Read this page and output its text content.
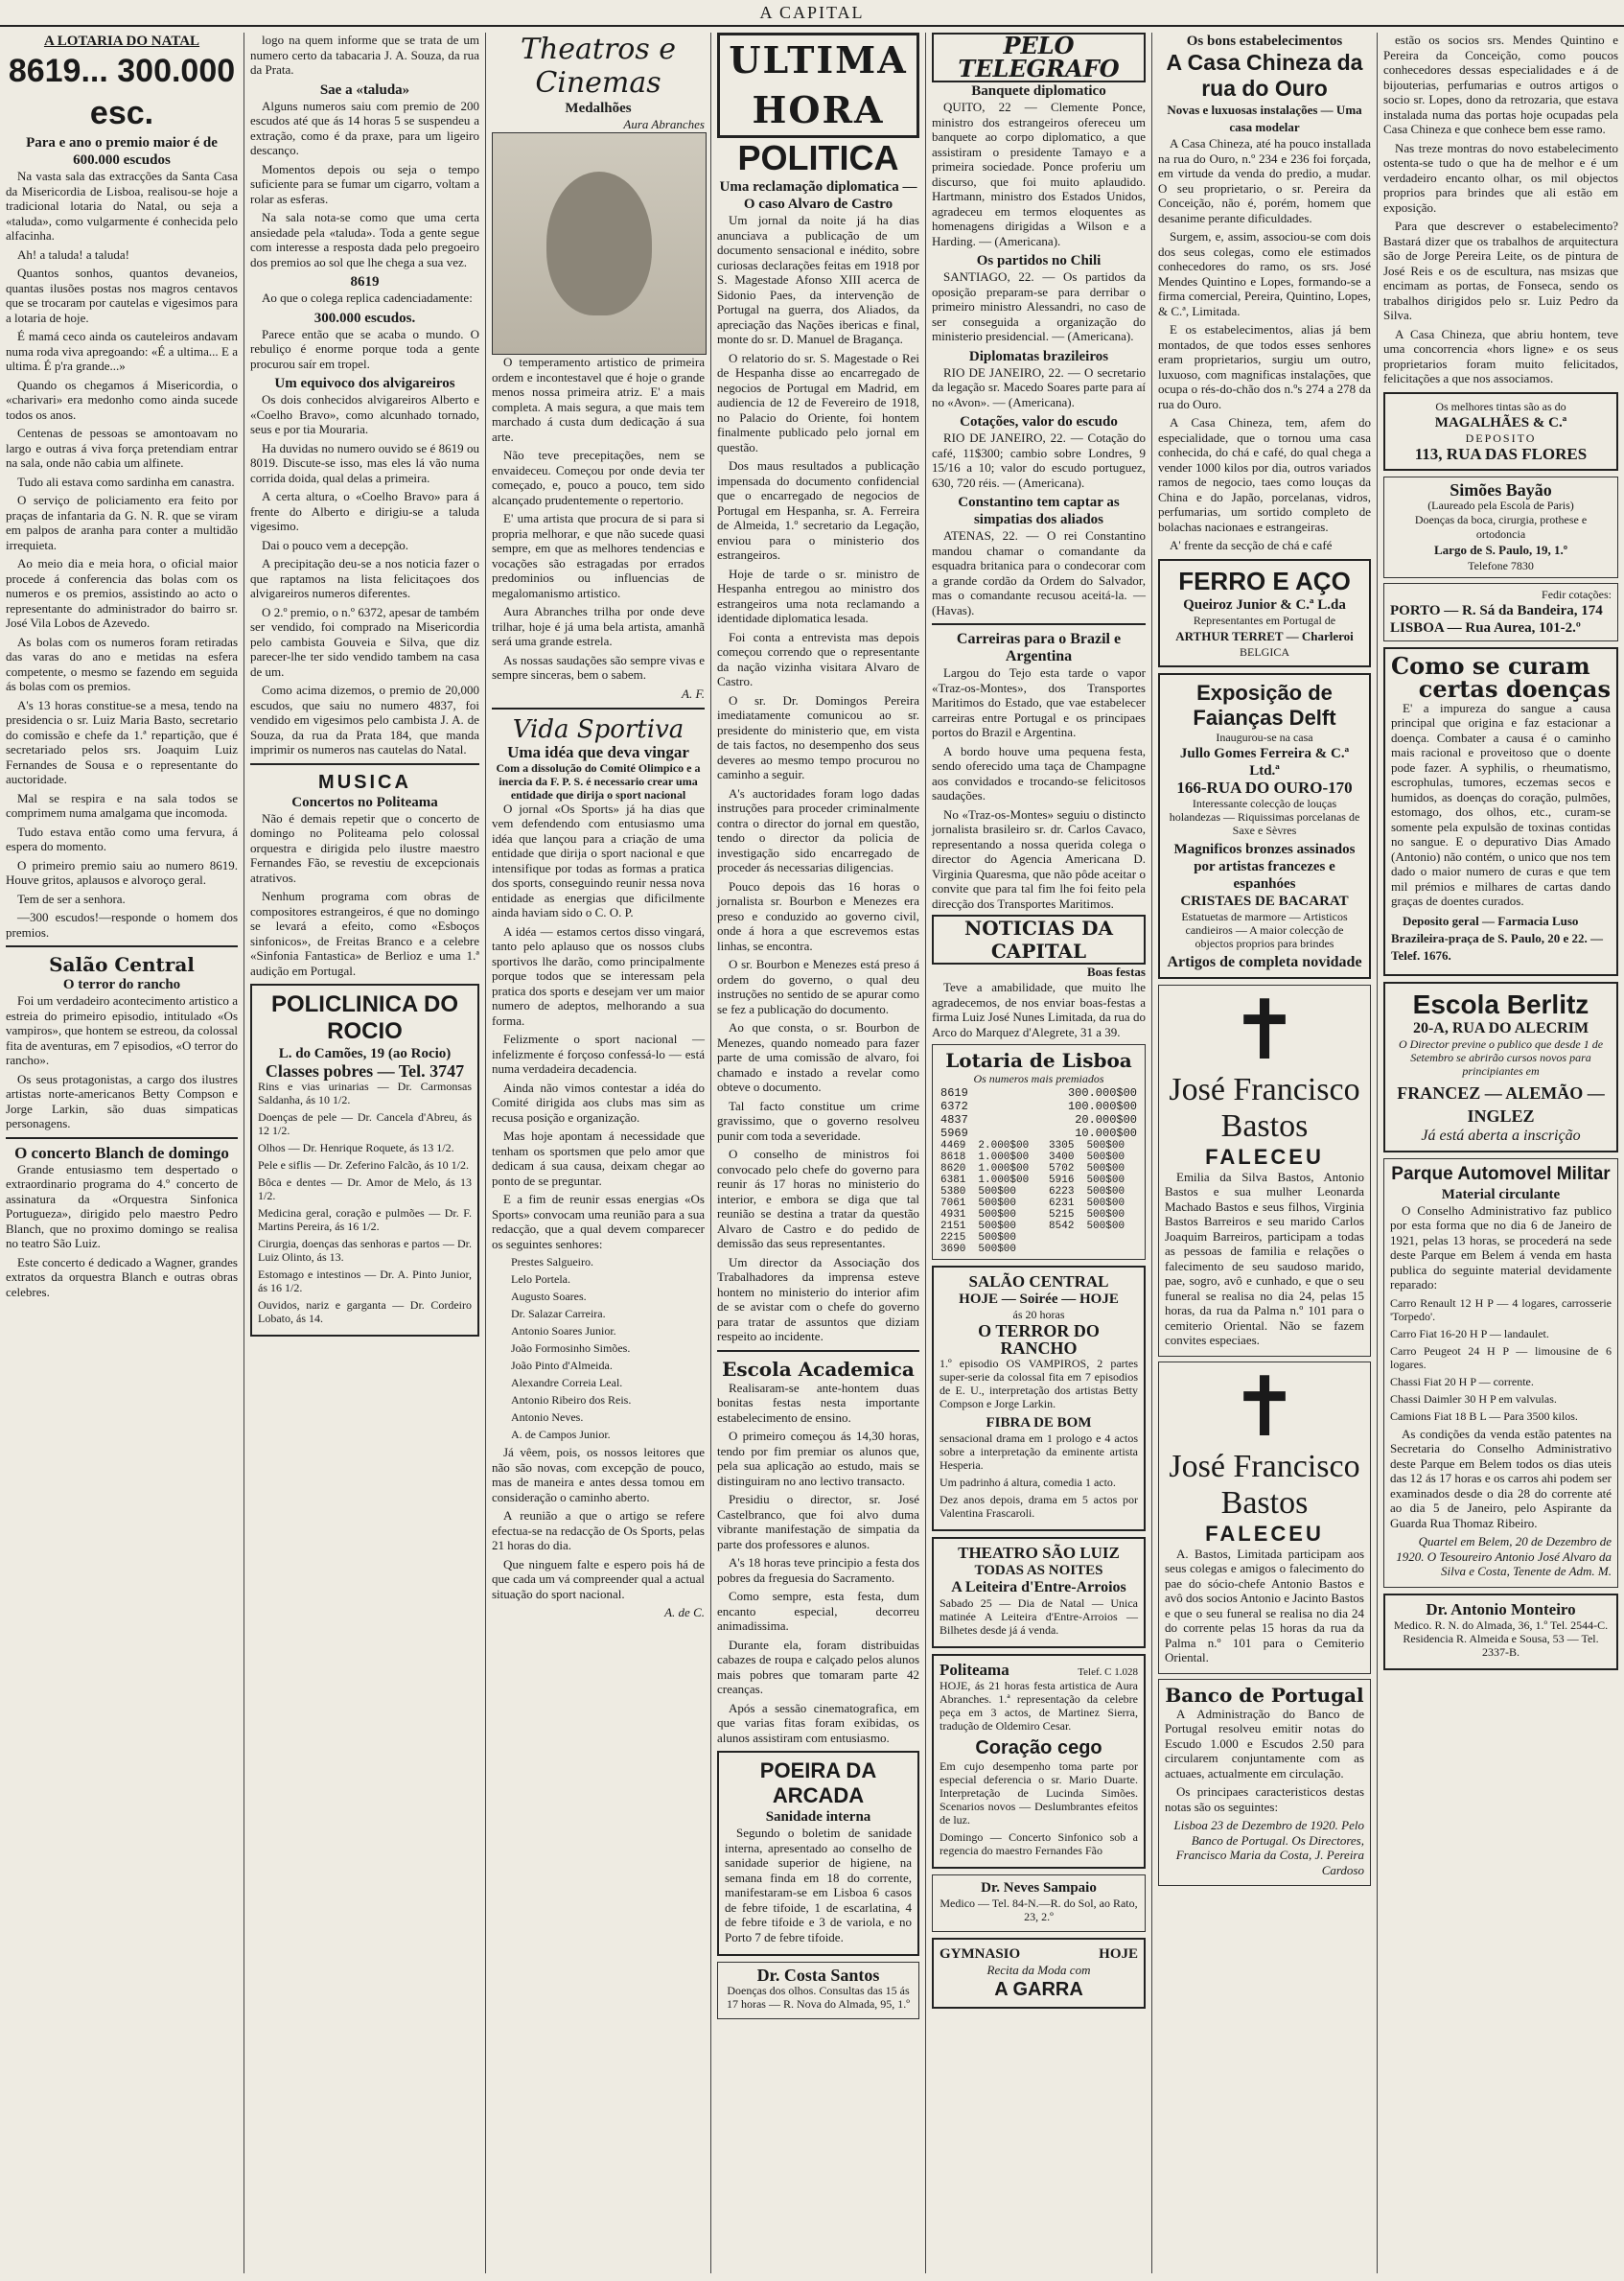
A CAPITAL
A LOTARIA DO NATAL
8619... 300.000 esc.
Para e ano o premio maior é de 600.000 escudos

Na vasta sala das extracções da Santa Casa da Misericordia de Lisboa, realisou-se hoje a tradicional lotaria do Natal, ou seja a «taluda», como vulgarmente é conhecida pelo alfacinha.

Ah! a taluda! a taluda!

Quantos sonhos, quantos devaneios, quantas ilusões postas nos magros centavos que se trocaram por cautelas e vigesimos para a lotaria de hoje.

É mamá ceco ainda os cauteleiros andavam numa roda viva apregoando: «É a ultima... E a ultima. É p'ra grande...»

Quando os chegamos á Misericordia, o «charivari» era medonho como ainda sucede todos os anos.

Centenas de pessoas se amontoavam no largo e outras á viva força pretendiam entrar na sala, onde não cabia um alfinete.

Tudo ali estava como sardinha em canastra.

O serviço de policiamento era feito por praças de infantaria da G. N. R. que se viram em palpos de aranha para conter a multidão irrequieta.

Ao meio dia e meia hora, o oficial maior procede á conferencia das bolas com os numeros e os premios, assistindo ao acto o representante do administrador do bairro sr. José Vila Lobos de Azevedo.

As bolas com os numeros foram retiradas das varas do ano e metidas na esfera competente, o mesmo se fazendo em seguida ás bolas com os premios.

A's 13 horas constitue-se a mesa, tendo na presidencia o sr. Luiz Maria Basto, secretario do comissão e chefe da 1.ª repartição, que é secretariado pelos srs. Joaquim Luiz Fernandes de Sousa e o representante do auctoridade.

Mal se respira e na sala todos se comprimem numa amalgama que incomoda.

Tudo estava então como uma fervura, á espera do momento.

O primeiro premio saiu ao numero 8619. Houve gritos, aplausos e alvoroço geral.

Tem de ser a senhora.

—300 escudos!—responde o homem dos premios.

Salão Central
O terror do rancho

Foi um verdadeiro acontecimento artistico a estreia do primeiro episodio, intitulado «Os vampiros», que hontem se estreou, da colossal fita de aventuras, em 7 episodios, «O terror do rancho».

Os seus protagonistas, a cargo dos ilustres artistas norte-americanos Betty Compson e Jorge Larkin, são duas simpaticas personagens.

O concerto Blanch de domingo

Grande entusiasmo tem despertado o extraordinario programa do 4.º concerto de assinatura da «Orquestra Sinfonica Portugueza», dirigido pelo maestro Pedro Blanch, que no proximo domingo se realisa no teatro São Luiz.

Este concerto é dedicado a Wagner, grandes extratos da orquestra Blanch e outras obras celebres.

logo na quem informe que se trata de um numero certo da tabacaria J. A. Souza, da rua da Prata.

Sae a «taluda»

Alguns numeros saiu com premio de 200 escudos até que ás 14 horas 5 se suspendeu a extração, como é da praxe, para um ligeiro descanço.

Momentos depois ou seja o tempo suficiente para se fumar um cigarro, voltam a rolar as esferas.

Na sala nota-se como que uma certa ansiedade pela «taluda». Toda a gente segue com interesse a resposta dada pelo pregoeiro dos premios ao sol que lhe chega a sua vez.

8619

Ao que o colega replica cadenciadamente:

300.000 escudos.

Parece então que se acaba o mundo. O rebuliço é enorme porque toda a gente procurou saír em tropel.

Um equivoco dos alvigareiros

Os dois conhecidos alvigareiros Alberto e «Coelho Bravo», como alcunhado tornado, seus e por tia Mouraria.

Ha duvidas no numero ouvido se é 8619 ou 8019. Discute-se isso, mas eles lá vão numa corrida doida, qual delas a primeira.

A certa altura, o «Coelho Bravo» para á frente do Alberto e dirigiu-se a taluda vigesimo.

Dai o pouco vem a decepção.

A precipitação deu-se a nos noticia fazer o que raptamos na lista felicitaçoes dos alvigareiros numeros diferentes.

O 2.º premio, o n.º 6372, apesar de também ser vendido, foi comprado na Misericordia pelo cambista Gouveia e Silva, que diz parecer-lhe ter sido vendido tambem na casa de um.

Como acima dizemos, o premio de 20,000 escudos, que saiu no numero 4837, foi vendido em vigesimos pelo cambista J. A. de Souza, da rua da Prata 184, que manda imprimir os numeros nas cautelas do Natal.

MUSICA
Concertos no Politeama

Não é demais repetir que o concerto de domingo no Politeama pelo colossal orquestra e dirigida pelo ilustre maestro Fernandes Fão, se revestiu de excepcionais atrativos.

Nenhum programa com obras de compositores estrangeiros, é que no domingo se levará a efeito, como «Esboços sinfonicos», de Freitas Branco e a celebre «Sinfonia Fantastica» de Berlioz e uma 1.ª audição em Portugal.

POLICLINICA DO ROCIO
L. do Camões, 19 (ao Rocio)
Classes pobres — Tel. 3747

Rins e vias urinarias — Dr. Carmonsas Saldanha, ás 10 1/2.

Doenças de pele — Dr. Cancela d'Abreu, ás 12 1/2.

Olhos — Dr. Henrique Roquete, ás 13 1/2.

Pele e siflis — Dr. Zeferino Falcão, ás 10 1/2.

Bôca e dentes — Dr. Amor de Melo, ás 13 1/2.

Medicina geral, coração e pulmões — Dr. F. Martins Pereira, ás 16 1/2.

Cirurgia, doenças das senhoras e partos — Dr. Luiz Olinto, ás 13.

Estomago e intestinos — Dr. A. Pinto Junior, ás 16 1/2.

Ouvidos, nariz e garganta — Dr. Cordeiro Lobato, ás 14.

Theatros e Cinemas
Medalhões
Aura Abranches

O temperamento artistico de primeira ordem e incontestavel que é hoje o grande menos nossa primeira atriz. E' a mais completa. A mais segura, a que mais tem marchado á custa dum dedicação á sua arte.

Não teve precepitações, nem se envaideceu. Começou por onde devia ter começado, e, pouco a pouco, tem sido alcançado prudentemente o repertorio.

E' uma artista que procura de si para si propria melhorar, e que não sucede quasi sempre, em que as melhores tendencias e vocações são estragadas por errados predominios ou influencias de megalomanismo artistico.

Aura Abranches trilha por onde deve trilhar, hoje é já uma bela artista, amanhã será uma grande estrela.

As nossas saudações são sempre vivas e sempre sinceras, bem o sabem.

A. F.
Vida Sportiva
Uma idéa que deva vingar
Com a dissolução do Comité Olimpico e a inercia da F. P. S. é necessario crear uma entidade que dirija o sport nacional

O jornal «Os Sports» já ha dias que vem defendendo com entusiasmo uma idéa que lançou para a criação de uma entidade que dirija o sport nacional e que intensifique por todas as formas a pratica dos sports, conseguindo reunir nessa nova entidade as energias que dificilmente ainda haviam sido o C. O. P.

A idéa — estamos certos disso vingará, tanto pelo aplauso que os nossos clubs sportivos lhe darão, como principalmente porque todos que se interessam pela pratica dos sports e desejam ver um maior numero de adeptos, melhorando a sua forma.

Felizmente o sport nacional — infelizmente é forçoso confessá-lo — está numa verdadeira decadencia.

Ainda não vimos contestar a idéa do Comité dirigida aos clubs mas sim as recusa posição e organização.

Mas hoje apontam á necessidade que tenham os sportsmen que pelo amor que dedicam á sua causa, deixam chegar ao ponto de se preguntar.

E a fim de reunir essas energias «Os Sports» convocam uma reunião para a sua redacção, que a qual devem comparecer os seguintes senhores:

Prestes Salgueiro.

Lelo Portela.

Augusto Soares.

Dr. Salazar Carreira.

Antonio Soares Junior.

João Formosinho Simões.

João Pinto d'Almeida.

Alexandre Correia Leal.

Antonio Ribeiro dos Reis.

Antonio Neves.

A. de Campos Junior.

Já vêem, pois, os nossos leitores que não são novas, com excepção de pouco, mas de maneira e antes dessa tomou em consideração o caminho aberto.

A reunião a que o artigo se refere efectua-se na redacção de Os Sports, pelas 21 horas do dia.

Que ninguem falte e espero pois há de que cada um vá compreender qual a actual situação do sport nacional.

A. de C.
ULTIMA HORA
POLITICA
Uma reclamação diplomatica — O caso Alvaro de Castro

Um jornal da noite já ha dias anunciava a publicação de um documento sensacional e inédito, sobre curiosas declarações feitas em 1918 por S. Magestade Afonso XIII acerca de Sidonio Paes, da intervenção de Portugal na guerra, dos Aliados, da apreciação das Nações ibericas e final, monte do sr. D. Manuel de Bragança.

O relatorio do sr. S. Magestade o Rei de Hespanha disse ao encarregado de negocios de Portugal em Madrid, em audiencia de 12 de Fevereiro de 1918, no Palacio do Oriente, foi hontem finalmente publicado pelo jornal em questão.

Dos maus resultados a publicação impensada do documento confidencial que o encarregado de negocios de Portugal em Hespanha, sr. A. Ferreira de Almeida, 1.º secretario da Legação, enviou para o ministerio dos estrangeiros.

Hoje de tarde o sr. ministro de Hespanha entregou ao ministro dos estrangeiros uma nota reclamando a identidade diplomatica lesada.

Foi conta a entrevista mas depois começou correndo que o representante da nação vizinha visitara Alvaro de Castro.

O sr. Dr. Domingos Pereira imediatamente comunicou ao sr. presidente do ministerio que, em vista de tais factos, no desempenho dos seus deveres ao mesmo tempo procurou no caminho a seguir.

A's auctoridades foram logo dadas instruções para proceder criminalmente contra o director do jornal em questão, tendo o director da policia de investigação sido encarregado de proceder ás necessarias diligencias.

Pouco depois das 16 horas o jornalista sr. Bourbon e Menezes era preso e conduzido ao governo civil, onde á hora a que escrevemos estas linhas, se encontra.

O sr. Bourbon e Menezes está preso á ordem do governo, o qual deu instruções no sentido de se apurar como se fez a publicação do documento.

Ao que consta, o sr. Bourbon de Menezes, quando nomeado para fazer parte de uma comissão de alvaro, foi chamado e instado a revelar como obteve o documento.

Tal facto constitue um crime gravissimo, que o governo resolveu punir com toda a severidade.

O conselho de ministros foi convocado pelo chefe do governo para reunir ás 17 horas no ministerio do interior, e embora se diga que tal reunião se destina a tratar da questão Alvaro de Castro e do pedido de demissão das seus representantes.

Um director da Associação dos Trabalhadores da imprensa esteve hontem no ministerio do interior afim de se avistar com o chefe do governo para tratar de assuntos que diziam respeito ao incidente.

Escola Academica

Realisaram-se ante-hontem duas bonitas festas nesta importante estabelecimento de ensino.

O primeiro começou ás 14,30 horas, tendo por fim premiar os alunos que, pela sua aplicação ao estudo, mais se distinguiram no ano lectivo transacto.

Presidiu o director, sr. José Castelbranco, que foi alvo duma vibrante manifestação de simpatia da parte dos professores e alunos.

A's 18 horas teve principio a festa dos pobres da freguesia do Sacramento.

Como sempre, esta festa, dum encanto especial, decorreu animadissima.

Durante ela, foram distribuidas cabazes de roupa e calçado pelos alunos mais pobres que tomaram parte 42 creanças.

Após a sessão cinematografica, em que varias fitas foram exibidas, os alunos assistiram com entusiasmo.

POEIRA DA ARCADA
Sanidade interna

Segundo o boletim de sanidade interna, apresentado ao conselho de sanidade superior de higiene, na semana finda em 18 do corrente, manifestaram-se em Lisboa 6 casos de febre tifoide, 1 de escarlatina, 4 de febre tifoide e 3 de variola, e no Porto 7 de febre tifoide.

Dr. Costa Santos

Doenças dos olhos. Consultas das 15 ás 17 horas — R. Nova do Almada, 95, 1.º

PELO TELEGRAFO
Banquete diplomatico

QUITO, 22 — Clemente Ponce, ministro dos estrangeiros ofereceu um banquete ao corpo diplomatico, a que assistiram o presidente Tamayo e a primeira sociedade. Ponce proferiu um discurso, que foi muito aplaudido. Hartmann, ministro dos Estados Unidos, agradeceu em termos eloquentes as homenagens dirigidas a Wilson e a Harding. — (Americana).

Os partidos no Chili

SANTIAGO, 22. — Os partidos da oposição preparam-se para derribar o primeiro ministro Alessandri, no caso de ser conseguida a organização do ministerio presidencial. — (Americana).

Diplomatas brazileiros

RIO DE JANEIRO, 22. — O secretario da legação sr. Macedo Soares parte para aí no «Avon». — (Americana).

Cotações, valor do escudo

RIO DE JANEIRO, 22. — Cotação do café, 11$300; cambio sobre Londres, 9 15/16 a 10; valor do escudo portuguez, 630, 720 réis. — (Americana).

Constantino tem captar as simpatias dos aliados

ATENAS, 22. — O rei Constantino mandou chamar o comandante da esquadra britanica para o condecorar com a grande cordão da Ordem do Salvador, mas o comandante recusou aceitá-la. — (Havas).

Carreiras para o Brazil e Argentina

Largou do Tejo esta tarde o vapor «Traz-os-Montes», dos Transportes Maritimos do Estado, que vae estabelecer carreiras entre Portugal e os principaes portos do Brazil e Argentina.

A bordo houve uma pequena festa, sendo oferecido uma taça de Champagne aos convidados e trocando-se felicitosos saudações.

No «Traz-os-Montes» seguiu o distincto jornalista brasileiro sr. dr. Carlos Cavaco, representando a nossa querida colega o director do Agencia Americana D. Virginia Quaresma, que não pôde aceitar o convite que para tal fim lhe foi feito pela direcção dos Transportes Maritimos.

NOTICIAS DA CAPITAL
Boas festas

Teve a amabilidade, que muito lhe agradecemos, de nos enviar boas-festas a firma Luiz José Nunes Limitada, da rua do Arco do Marquez d'Alegrete, 31 a 39.

Lotaria de Lisboa
Os numeros mais premiados
8619	300.000$00
6372	100.000$00
4837	20.000$00
5969	10.000$00
4469	2.000$00	3305	500$00
8618	1.000$00	3400	500$00
8620	1.000$00	5702	500$00
6381	1.000$00	5916	500$00
5380	500$00	6223	500$00
7061	500$00	6231	500$00
4931	500$00	5215	500$00
2151	500$00	8542	500$00
2215	500$00		
3690	500$00		
SALÃO CENTRAL
HOJE — Soirée — HOJE
ás 20 horas
O TERROR DO RANCHO

1.º episodio OS VAMPIROS, 2 partes super-serie da colossal fita em 7 episodios de E. U., interpretação dos artistas Betty Compson e Jorge Larkin.

FIBRA DE BOM

sensacional drama em 1 prologo e 4 actos sobre a interpretação da eminente artista Hesperia.

Um padrinho á altura, comedia 1 acto.

Dez anos depois, drama em 5 actos por Valentina Frascaroli.

THEATRO SÃO LUIZ
TODAS AS NOITES
A Leiteira d'Entre-Arroios

Sabado 25 — Dia de Natal — Unica matinée A Leiteira d'Entre-Arroios — Bilhetes desde já á venda.

Politeama	Telef. C 1.028

HOJE, ás 21 horas festa artistica de Aura Abranches. 1.ª representação da celebre peça em 3 actos, de Martinez Sierra, tradução de Oldemiro Cesar.

Coração cego

Em cujo desempenho toma parte por especial deferencia o sr. Mario Duarte. Interpretação de Lucinda Simões. Scenarios novos — Deslumbrantes efeitos de luz.

Domingo — Concerto Sinfonico sob a regencia do maestro Fernandes Fão

Dr. Neves Sampaio

Medico — Tel. 84-N.—R. do Sol, ao Rato, 23, 2.º

GYMNASIO	HOJE
Recita da Moda com
A GARRA
Os bons estabelecimentos
A Casa Chineza da rua do Ouro
Novas e luxuosas instalações — Uma casa modelar

A Casa Chineza, até ha pouco installada na rua do Ouro, n.º 234 e 236 foi forçada, em virtude da venda do predio, a mudar. O seu proprietario, o sr. Pereira da Conceição, não é, porém, homem que desanime perante dificuldades.

Surgem, e, assim, associou-se com dois dos seus colegas, como ele estimados conhecedores do ramo, os srs. José Mendes Quintino e Lopes, formando-se a firma comercial, Pereira, Quintino, Lopes, & C.ª, Limitada.

E os estabelecimentos, alias já bem montados, de que todos esses senhores eram proprietarios, surgiu um outro, luxuoso, com magnificas instalações, que ocupa o rés-do-chão dos n.ºs 274 a 278 da rua do Ouro.

A Casa Chineza, tem, afem do especialidade, que o tornou uma casa conhecida, do chá e café, do qual chega a vender 1000 kilos por dia, outros variados ramos de negocio, taes como louças da China e do Japão, porcelanas, vidros, perfumarias, um sortido completo de bolachas nacionaes e estrangeiras.

A' frente da secção de chá e café

FERRO E AÇO
Queiroz Junior & C.ª L.da
Representantes em Portugal de
ARTHUR TERRET — Charleroi
BELGICA
Exposição de Faianças Delft
Inaugurou-se na casa
Jullo Gomes Ferreira & C.ª Ltd.ª
166-RUA DO OURO-170

Interessante colecção de louças holandezas — Riquissimas porcelanas de Saxe e Sèvres

Magnificos bronzes assinados por artistas francezes e espanhóes
CRISTAES DE BACARAT

Estatuetas de marmore — Artisticos candieiros — A maior colecção de objectos proprios para brindes

Artigos de completa novidade
✝
José Francisco
Bastos
FALECEU

Emilia da Silva Bastos, Antonio Bastos e sua mulher Leonarda Machado Bastos e seus filhos, Virginia Bastos Barreiros e seu marido Carlos Joaquim Barreiros, participam a todas as pessoas de familia e relações o falecimento de seu saudoso marido, pae, sogro, avô e cunhado, e que o seu funeral se realisa no dia 24, pelas 15 horas, da rua da Palma n.º 101 para o cemiterio Oriental. Não se fazem convites especiaes.

✝
José Francisco
Bastos
FALECEU

A. Bastos, Limitada participam aos seus colegas e amigos o falecimento do pae do sócio-chefe Antonio Bastos e avô dos socios Antonio e Jacinto Bastos e que o seu funeral se realisa no dia 24 do corrente pelas 15 horas da rua da Palma n.º 101 para o Cemiterio Oriental.

Banco de Portugal

A Administração do Banco de Portugal resolveu emitir notas do Escudo 1.000 e Escudos 2.50 para circularem conjuntamente com as actuaes, actualmente em circulação.

Os principaes caracteristicos destas notas são os seguintes:

Lisboa 23 de Dezembro de 1920. Pelo Banco de Portugal. Os Directores, Francisco Maria da Costa, J. Pereira Cardoso

estão os socios srs. Mendes Quintino e Pereira da Conceição, como poucos conhecedores dessas especialidades e á de bijouterias, perfumarias e outros artigos o socio sr. Lopes, dono da retrozaria, que estava instalada numa das portas hoje ocupadas pela Casa Chineza e que conhece bem esse ramo.

Nas treze montras do novo estabelecimento ostenta-se tudo o que ha de melhor e é um verdadeiro encanto olhar, os mil objectos proprios para brindes que ali estão em exposição.

Para que descrever o estabelecimento? Bastará dizer que os trabalhos de arquitectura são de Jorge Pereira Leite, os de pintura de José Reis e os de escultura, nas msizas que encimam as portas, de Fonseca, sendo os trabalhos dirigidos pelo sr. Luiz Pedro da Silva.

A Casa Chineza, que abriu hontem, teve uma concorrencia «hors ligne» e os seus proprietarios foram muito felicitados, felicitações a que nos associamos.

Os melhores tintas são as do
MAGALHÃES & C.ª
DEPOSITO
113, RUA DAS FLORES
Simões Bayão
(Laureado pela Escola de Paris)
Doenças da boca, cirurgia, prothese e ortodoncia
Largo de S. Paulo, 19, 1.º
Telefone 7830
Fedir cotações:
PORTO — R. Sá da Bandeira, 174
LISBOA — Rua Aurea, 101-2.º
Como se curam
certas doenças

E' a impureza do sangue a causa principal que origina e faz estacionar a doença. Combater a causa é o caminho mais racional e proveitoso que o doente pode fazer. A syphilis, o rheumatismo, escrophulas, tumores, eczemas secos e humidos, as doenças do coração, pulmões, estomago, dos olhos, etc., curam-se somente pela expulsão de toxinas contidas no sangue. E o depurativo Dias Amado (Antonio) não contém, o unico que nos tem dado o maior numero de curas e que tem mil prémios e milhares de cartas dando graças de doentes curados.

Deposito geral — Farmacia Luso Brazileira-praça de S. Paulo, 20 e 22. — Telef. 1676.

Escola Berlitz
20-A, RUA DO ALECRIM

O Director previne o publico que desde 1 de Setembro se abrirão cursos novos para principiantes em

FRANCEZ — ALEMÃO — INGLEZ
Já está aberta a inscrição
Parque Automovel Militar
Material circulante

O Conselho Administrativo faz publico por esta forma que no dia 6 de Janeiro de 1921, pelas 13 horas, se procederá na sede deste Parque em Belem á venda em hasta publica do seguinte material devidamente reparado:

Carro Renault 12 H P — 4 logares, carrosserie 'Torpedo'.

Carro Fiat 16-20 H P — landaulet.

Carro Peugeot 24 H P — limousine de 6 logares.

Chassi Fiat 20 H P — corrente.

Chassi Daimler 30 H P em valvulas.

Camions Fiat 18 B L — Para 3500 kilos.

As condições da venda estão patentes na Secretaria do Conselho Administrativo deste Parque em Belem todos os dias uteis das 12 ás 17 horas e os carros ahi podem ser examinados desde o dia 28 do corrente até ao dia 5 de Janeiro, pelo Aspirante da Guarda Rua Thomaz Ribeiro.

Quartel em Belem, 20 de Dezembro de 1920. O Tesoureiro Antonio José Alvaro da Silva e Costa, Tenente de Adm. M.

Dr. Antonio Monteiro

Medico. R. N. do Almada, 36, 1.º Tel. 2544-C. Residencia R. Almeida e Sousa, 53 — Tel. 2337-B.
